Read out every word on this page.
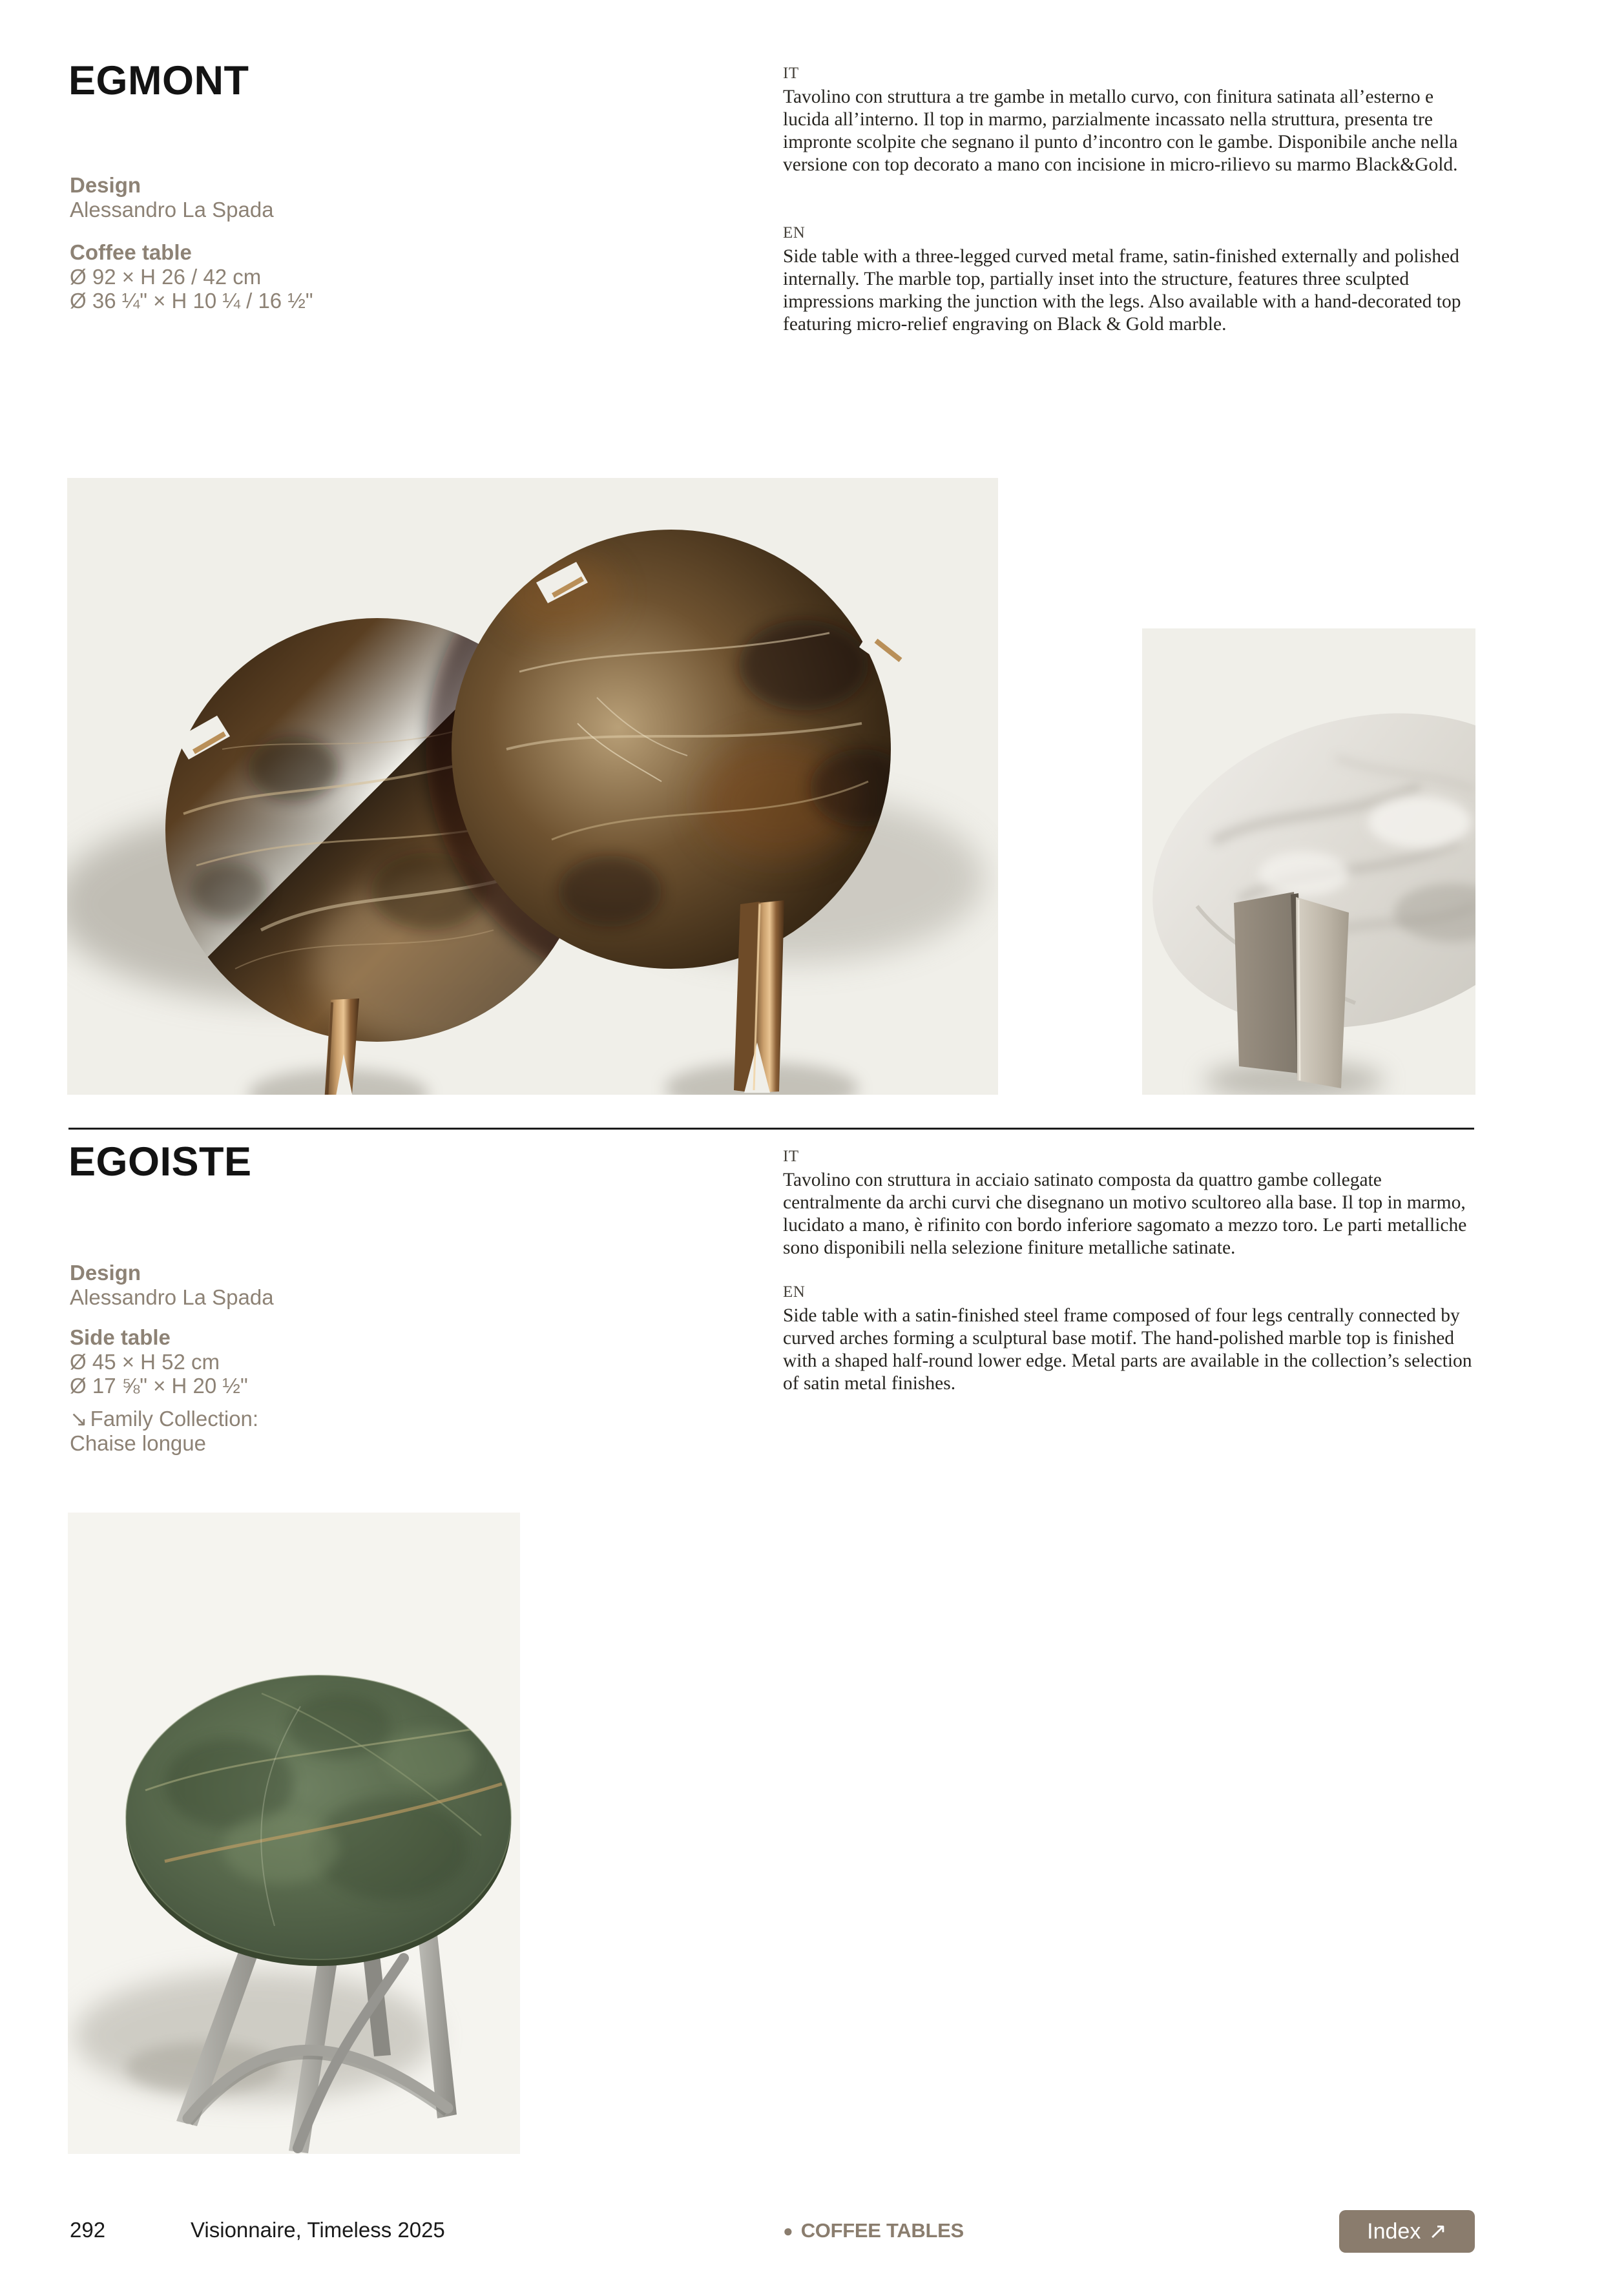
EGMONT
Design
Alessandro La Spada
Coffee table
Ø 92 × H 26 / 42 cm
Ø 36 ¼" × H 10 ¼ / 16 ½"
IT
Tavolino con struttura a tre gambe in metallo curvo, con finitura satinata all’esterno e lucida all’interno. Il top in marmo, parzialmente incassato nella struttura, presenta tre impronte scolpite che segnano il punto d’incontro con le gambe. Disponibile anche nella versione con top decorato a mano con incisione in micro-rilievo su marmo Black&Gold.
EN
Side table with a three-legged curved metal frame, satin-finished externally and polished internally. The marble top, partially inset into the structure, features three sculpted impressions marking the junction with the legs. Also available with a hand-decorated top featuring micro-relief engraving on Black & Gold marble.
EGOISTE
Design
Alessandro La Spada
Side table
Ø 45 × H 52 cm
Ø 17 ⅝" × H 20 ½"
↘ Family Collection:
Chaise longue
IT
Tavolino con struttura in acciaio satinato composta da quattro gambe collegate centralmente da archi curvi che disegnano un motivo scultoreo alla base. Il top in marmo, lucidato a mano, è rifinito con bordo inferiore sagomato a mezzo toro. Le parti metalliche sono disponibili nella selezione finiture metalliche satinate.
EN
Side table with a satin-finished steel frame composed of four legs centrally connected by curved arches forming a sculptural base motif. The hand-polished marble top is finished with a shaped half-round lower edge. Metal parts are available in the collection’s selection of satin metal finishes.
292	Visionnaire, Timeless 2025	● COFFEE TABLES	Index ↗
